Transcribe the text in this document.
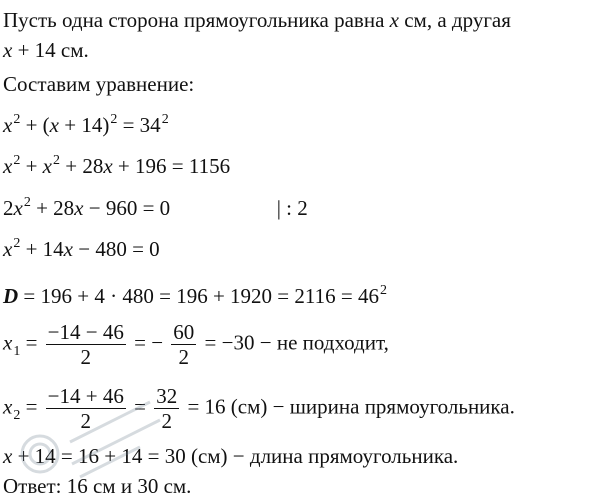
Пусть одна сторона прямоугольника равна x см, а другая
x + 14 см.
Составим уравнение:
$x^2 + (x + 14)^2 = 34^2$
$x^2 + x^2 + 28x + 196 = 1156$
$2x^2 + 28x - 960 = 0$	| : 2
$x^2 + 14x - 480 = 0$
$D = 196 + 4 \cdot 480 = 196 + 1920 = 2116 = 46^2$
$x_1 = \frac{-14 - 46}{2}$ = − $\frac{60}{2} = -30$ − не подходит,
$x_2 = \frac{-14 + 46}{2} = \frac{32}{2} = 16$ (см) − ширина прямоугольника.
x + 14 = 16 + 14 = 30 (см) − длина прямоугольника.
Ответ: 16 см и 30 см.
